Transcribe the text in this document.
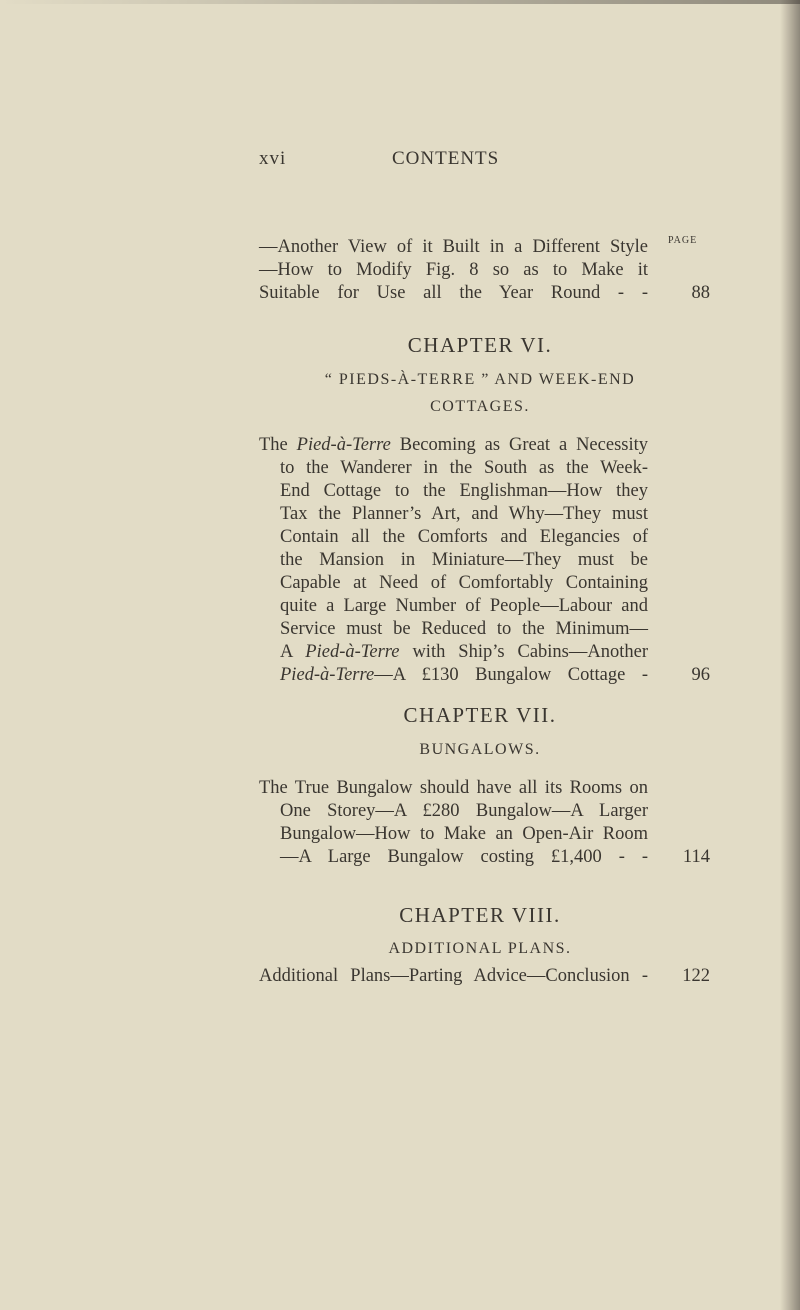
xvi	CONTENTS
PAGE
—Another View of it Built in a Different Style
—How to Modify Fig. 8 so as to Make it
Suitable for Use all the Year Round - -	88
CHAPTER VI.
“ PIEDS-À-TERRE ” AND WEEK-END
COTTAGES.
The Pied-à-Terre Becoming as Great a Necessity
to the Wanderer in the South as the Week-
End Cottage to the Englishman—How they
Tax the Planner’s Art, and Why—They must
Contain all the Comforts and Elegancies of
the Mansion in Miniature—They must be
Capable at Need of Comfortably Containing
quite a Large Number of People—Labour and
Service must be Reduced to the Minimum—
A Pied-à-Terre with Ship’s Cabins—Another
Pied-à-Terre—A £130 Bungalow Cottage -	96
CHAPTER VII.
BUNGALOWS.
The True Bungalow should have all its Rooms on
One Storey—A £280 Bungalow—A Larger
Bungalow—How to Make an Open-Air Room
—A Large Bungalow costing £1,400 - -	114
CHAPTER VIII.
ADDITIONAL PLANS.
Additional Plans—Parting Advice—Conclusion -	122
